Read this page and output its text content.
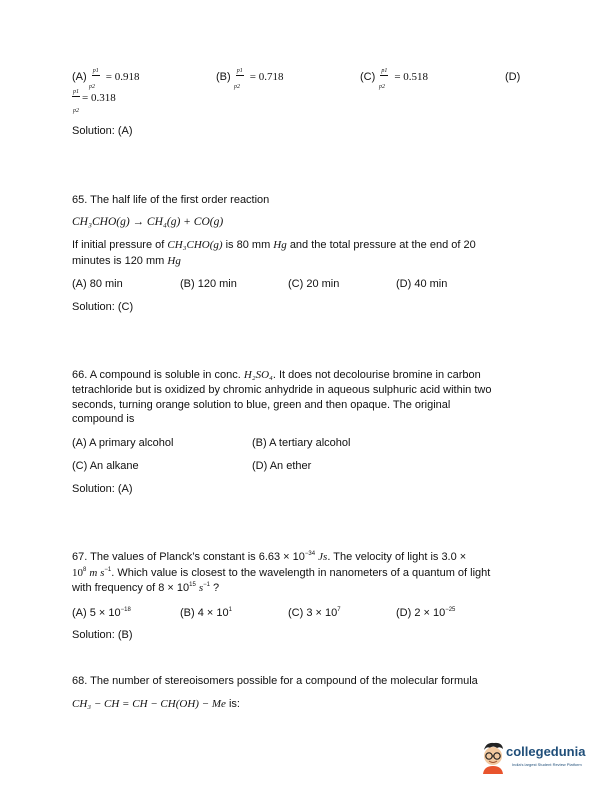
(A) p1 = 0.918
p2
(B) p1 = 0.718
p2
(C) p1 = 0.518
p2
(D)
p1 = 0.318
p2
Solution: (A)
65. The half life of the first order reaction
CH₃CHO(g) → CH₄(g) + CO(g)
If initial pressure of CH₃CHO(g) is 80 mm Hg and the total pressure at the end of 20
minutes is 120 mm Hg
(A) 80 min	(B) 120 min	(C) 20 min	(D) 40 min
Solution: (C)
66. A compound is soluble in conc. H₂SO₄. It does not decolourise bromine in carbon
tetrachloride but is oxidized by chromic anhydride in aqueous sulphuric acid within two
seconds, turning orange solution to blue, green and then opaque. The original
compound is
(A) A primary alcohol	(B) A tertiary alcohol
(C) An alkane	(D) An ether
Solution: (A)
67. The values of Planck’s constant is $6.63 \times 10^{-34}$ Js. The velocity of light is 3.0 ×
$10^8$ m $s^{-1}$. Which value is closest to the wavelength in nanometers of a quantum of light
with frequency of $8 \times 10^{15}$ $s^{-1}$ ?
(A) $5 \times 10^{-18}$	(B) $4 \times 10^1$	(C) $3 \times 10^7$	(D) $2 \times 10^{-25}$
Solution: (B)
68. The number of stereoisomers possible for a compound of the molecular formula
CH₃ − CH = CH − CH(OH) − Me is:
collegedunia
India's largest Student Review Platform
